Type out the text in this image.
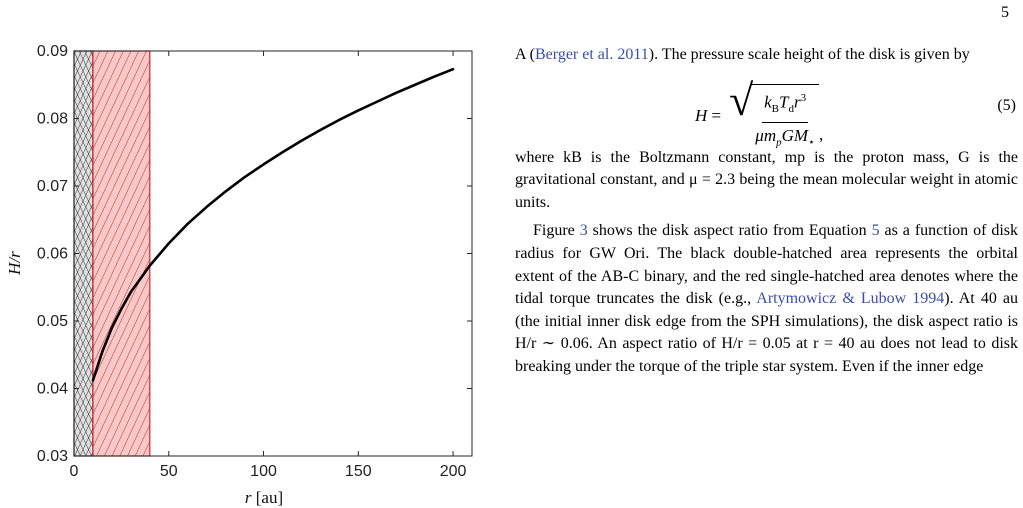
5
0	50	100	150	200
0.03
0.04
0.05
0.06
0.07
0.08
0.09
r [au]
H/r

A (Berger et al. 2011). The pressure scale height of the disk is given by

H = √
$\frac{k_BT_dr^3}{\mu m_pGM_⋆}$ ,
(5)

where kB is the Boltzmann constant, mp is the proton mass, G is the gravitational constant, and μ = 2.3 being the mean molecular weight in atomic units.

Figure 3 shows the disk aspect ratio from Equation 5 as a function of disk radius for GW Ori. The black double-hatched area represents the orbital extent of the AB-C binary, and the red single-hatched area denotes where the tidal torque truncates the disk (e.g., Artymowicz & Lubow 1994). At 40 au (the initial inner disk edge from the SPH simulations), the disk aspect ratio is H/r ∼ 0.06. An aspect ratio of H/r = 0.05 at r = 40 au does not lead to disk breaking under the torque of the triple star system. Even if the inner edge
